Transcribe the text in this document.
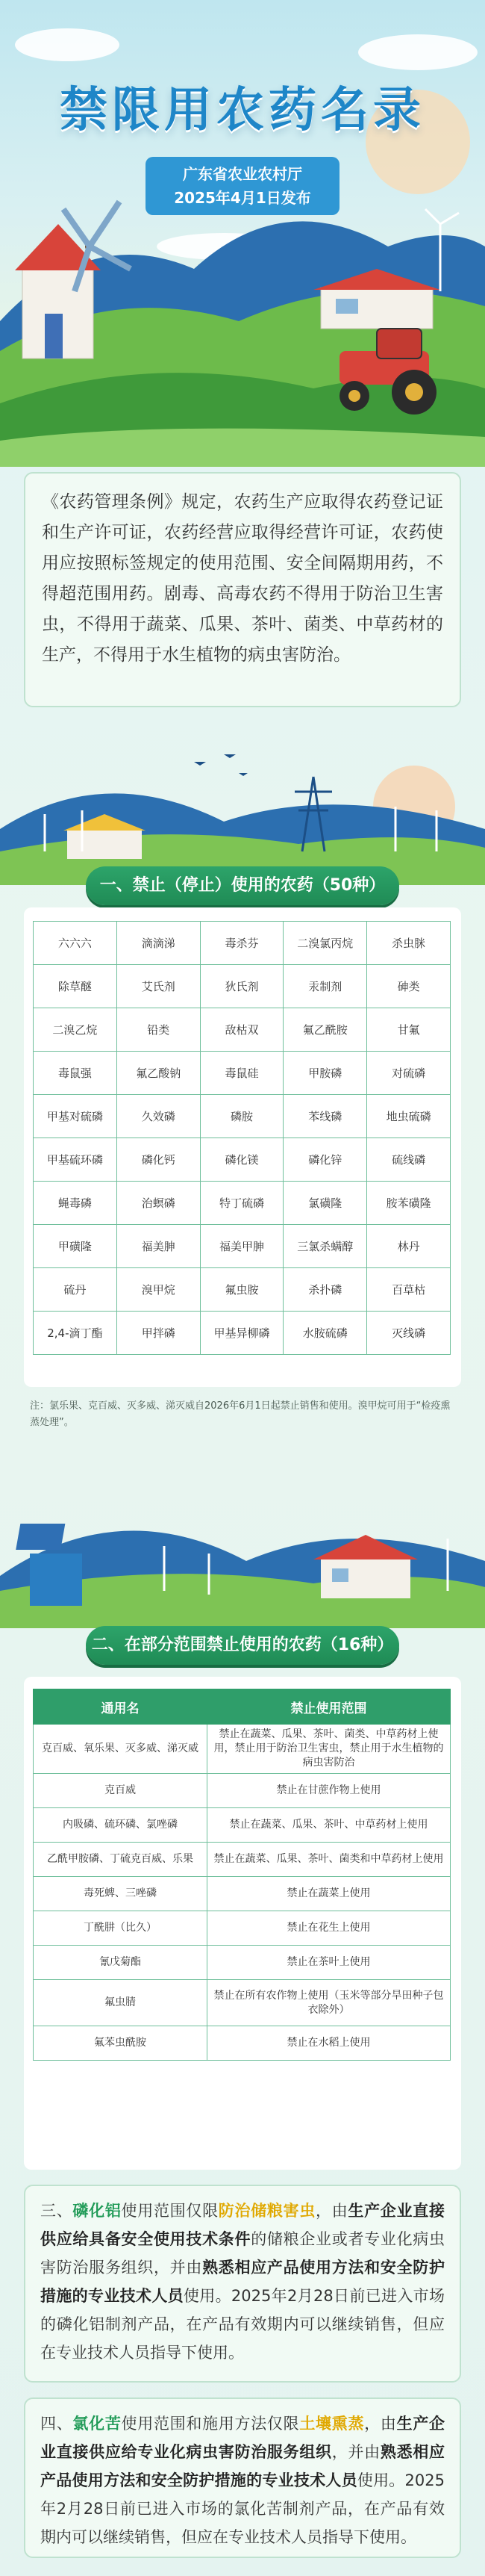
禁限用农药名录
广东省农业农村厅
2025年4月1日发布
《农药管理条例》规定，农药生产应取得农药登记证和生产许可证，农药经营应取得经营许可证，农药使用应按照标签规定的使用范围、安全间隔期用药，不得超范围用药。剧毒、高毒农药不得用于防治卫生害虫，不得用于蔬菜、瓜果、茶叶、菌类、中草药材的生产，不得用于水生植物的病虫害防治。
一、禁止（停止）使用的农药（50种）
六六六	滴滴涕	毒杀芬	二溴氯丙烷	杀虫脒
除草醚	艾氏剂	狄氏剂	汞制剂	砷类
二溴乙烷	铅类	敌枯双	氟乙酰胺	甘氟
毒鼠强	氟乙酸钠	毒鼠硅	甲胺磷	对硫磷
甲基对硫磷	久效磷	磷胺	苯线磷	地虫硫磷
甲基硫环磷	磷化钙	磷化镁	磷化锌	硫线磷
蝇毒磷	治螟磷	特丁硫磷	氯磺隆	胺苯磺隆
甲磺隆	福美胂	福美甲胂	三氯杀螨醇	林丹
硫丹	溴甲烷	氟虫胺	杀扑磷	百草枯
2,4-滴丁酯	甲拌磷	甲基异柳磷	水胺硫磷	灭线磷
注：氯乐果、克百威、灭多威、涕灭威自2026年6月1日起禁止销售和使用。溴甲烷可用于“检疫熏蒸处理”。
二、在部分范围禁止使用的农药（16种）
通用名	禁止使用范围
克百威、氧乐果、灭多威、涕灭威	禁止在蔬菜、瓜果、茶叶、菌类、中草药材上使用，禁止用于防治卫生害虫，禁止用于水生植物的病虫害防治
克百威	禁止在甘蔗作物上使用
内吸磷、硫环磷、氯唑磷	禁止在蔬菜、瓜果、茶叶、中草药材上使用
乙酰甲胺磷、丁硫克百威、乐果	禁止在蔬菜、瓜果、茶叶、菌类和中草药材上使用
毒死蜱、三唑磷	禁止在蔬菜上使用
丁酰肼（比久）	禁止在花生上使用
氰戊菊酯	禁止在茶叶上使用
氟虫腈	禁止在所有农作物上使用（玉米等部分旱田种子包衣除外）
氟苯虫酰胺	禁止在水稻上使用
三、磷化铝使用范围仅限防治储粮害虫，由生产企业直接供应给具备安全使用技术条件的储粮企业或者专业化病虫害防治服务组织，并由熟悉相应产品使用方法和安全防护措施的专业技术人员使用。2025年2月28日前已进入市场的磷化铝制剂产品，在产品有效期内可以继续销售，但应在专业技术人员指导下使用。
四、氯化苦使用范围和施用方法仅限土壤熏蒸，由生产企业直接供应给专业化病虫害防治服务组织，并由熟悉相应产品使用方法和安全防护措施的专业技术人员使用。2025年2月28日前已进入市场的氯化苦制剂产品，在产品有效期内可以继续销售，但应在专业技术人员指导下使用。
